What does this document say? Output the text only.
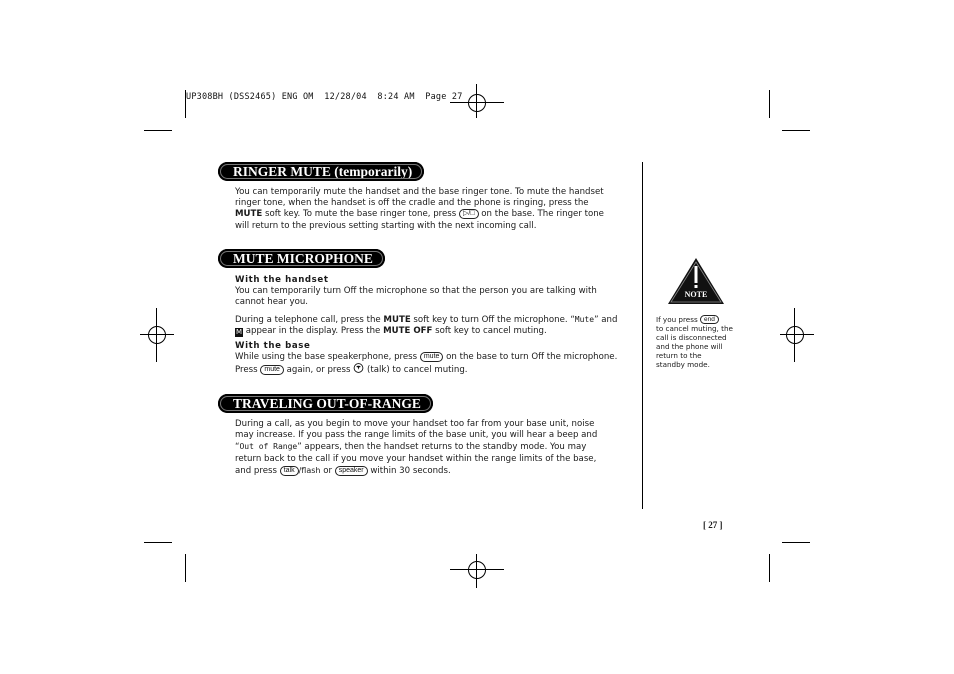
UP308BH (DSS2465) ENG OM  12/28/04  8:24 AM  Page 27
RINGER MUTE (temporarily)
You can temporarily mute the handset and the base ringer tone. To mute the handset
ringer tone, when the handset is off the cradle and the phone is ringing, press the
MUTE soft key. To mute the base ringer tone, press ▷/□ on the base. The ringer tone
will return to the previous setting starting with the next incoming call.
MUTE MICROPHONE
With the handset
You can temporarily turn Off the microphone so that the person you are talking with
cannot hear you.
During a telephone call, press the MUTE soft key to turn Off the microphone. “Mute” and
M appear in the display. Press the MUTE OFF soft key to cancel muting.
With the base
While using the base speakerphone, press mute on the base to turn Off the microphone.
Press mute again, or press  (talk) to cancel muting.
TRAVELING OUT-OF-RANGE
During a call, as you begin to move your handset too far from your base unit, noise
may increase. If you pass the range limits of the base unit, you will hear a beep and
“Out of Range” appears, then the handset returns to the standby mode. You may
return back to the call if you move your handset within the range limits of the base,
and press talk /flash or speaker within 30 seconds.
NOTE
If you press end
to cancel muting, the
call is disconnected
and the phone will
return to the
standby mode.
[ 27 ]
